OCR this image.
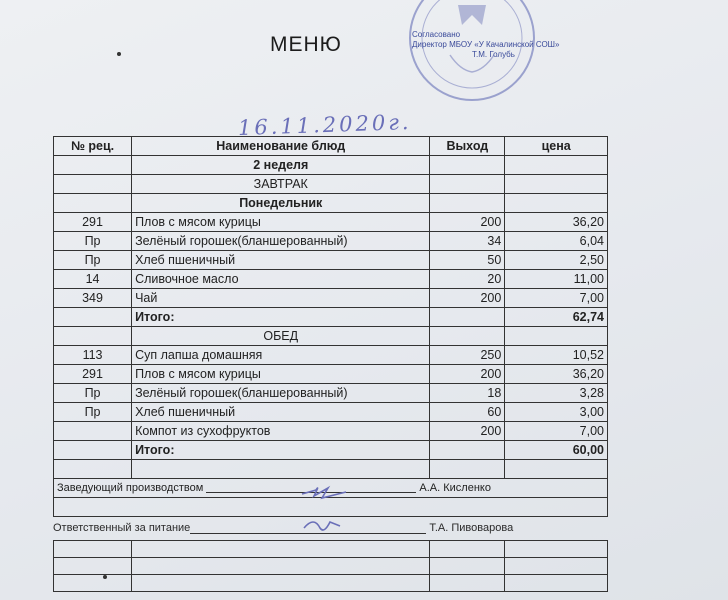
МЕНЮ	Согласовано
Директор МБОУ «У Качалинской СОШ»
Т.М. Голубь
16.11.2020г.
№ рец.	Наименование блюд	Выход	цена
	2 неделя		
	ЗАВТРАК		
	Понедельник		
291	Плов с мясом курицы	200	36,20
Пр	Зелёный горошек(бланшерованный)	34	6,04
Пр	Хлеб пшеничный	50	2,50
14	Сливочное масло	20	11,00
349	Чай	200	7,00
	Итого:		62,74
	ОБЕД		
113	Суп лапша домашняя	250	10,52
291	Плов с мясом курицы	200	36,20
Пр	Зелёный горошек(бланшерованный)	18	3,28
Пр	Хлеб пшеничный	60	3,00
	Компот из сухофруктов	200	7,00
	Итого:		60,00

Заведующий производством А.А. Кисленко			

Ответственный за питание	Т.А. Пивоварова
